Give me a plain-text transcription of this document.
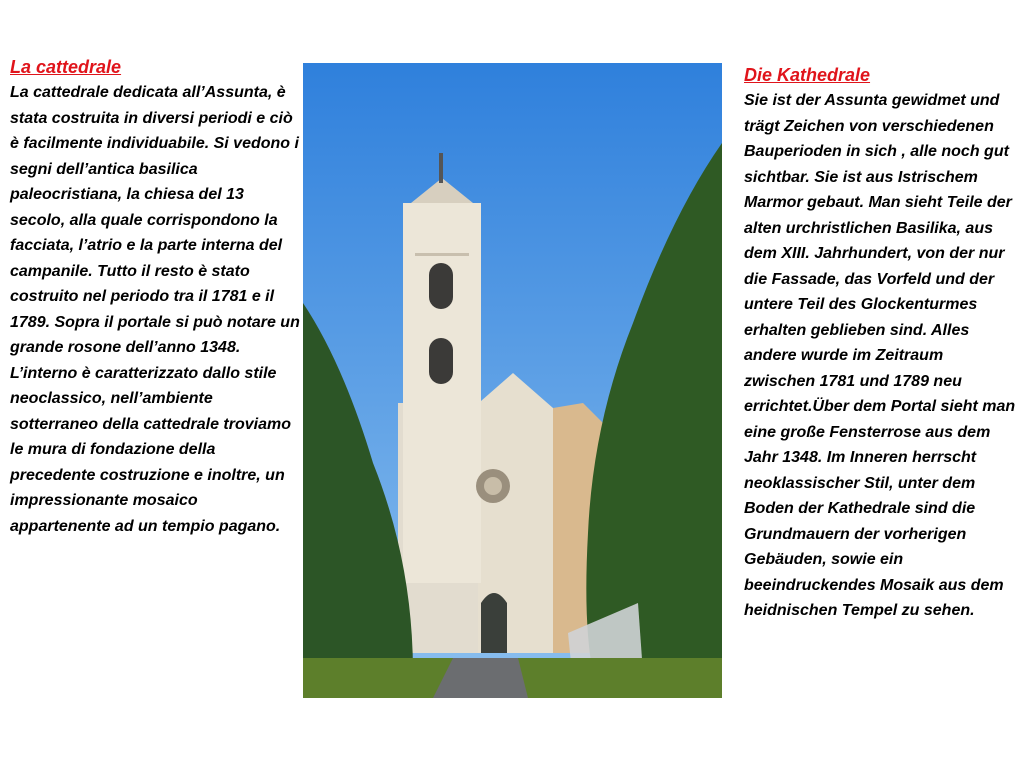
La cattedrale
La cattedrale dedicata all’Assunta, è stata costruita in diversi periodi e ciò è facilmente individuabile. Si vedono i segni dell’antica basilica paleocristiana, la chiesa del 13 secolo, alla quale corrispondono la facciata, l’atrio e la parte interna del campanile. Tutto il resto è stato costruito nel periodo tra il 1781 e il 1789. Sopra il portale si può notare un grande rosone dell’anno 1348. L’interno è caratterizzato dallo stile neoclassico, nell’ambiente sotterraneo della cattedrale troviamo le mura di fondazione della precedente costruzione e inoltre, un impressionante mosaico appartenente ad un tempio pagano.
Die Kathedrale
Sie ist der Assunta gewidmet und trägt Zeichen von verschiedenen Bauperioden in sich , alle noch gut sichtbar. Sie ist aus Istrischem Marmor gebaut. Man sieht Teile der alten urchristlichen Basilika, aus dem XIII. Jahrhundert, von der nur die Fassade, das Vorfeld und der untere Teil des Glockenturmes erhalten geblieben sind. Alles andere wurde im Zeitraum zwischen 1781 und 1789 neu errichtet.Über dem Portal sieht man eine große Fensterrose aus dem Jahr 1348. Im Inneren herrscht neoklassischer Stil, unter dem Boden der Kathedrale sind die Grundmauern der vorherigen Gebäuden, sowie ein beeindruckendes Mosaik aus dem heidnischen Tempel zu sehen.
